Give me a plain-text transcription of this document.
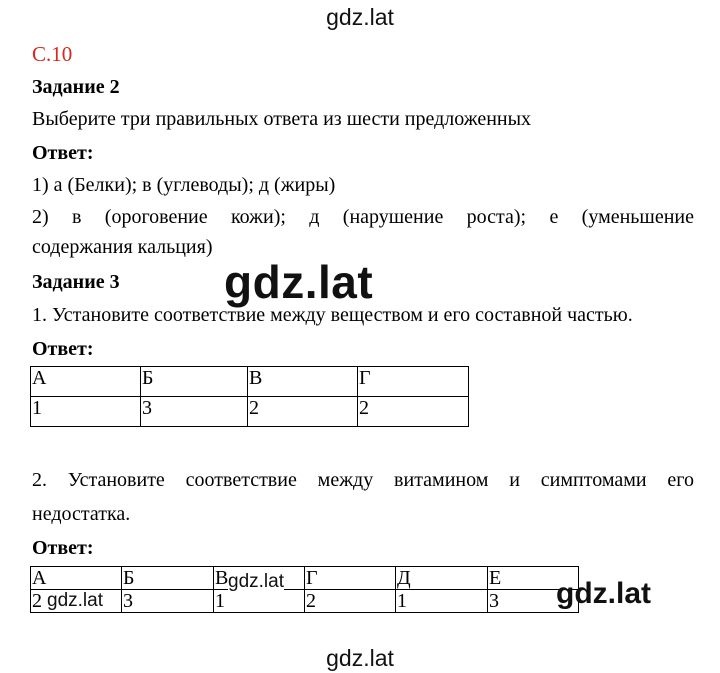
gdz.lat
С.10
Задание 2
Выберите три правильных ответа из шести предложенных
Ответ:
1) а (Белки); в (углеводы); д (жиры)
2) в (ороговение кожи); д (нарушение роста); е (уменьшение
содержания кальция)
Задание 3 gdz.lat
1. Установите соответствие между веществом и его составной частью.
Ответ:
А	Б	В	Г
1	3	2	2
2. Установите соответствие между витамином и симптомами его
недостатка.
Ответ:
А	Б	В	Г	Д	Е
2	3	1	2	1	3
gdz.lat
gdz.lat	gdz.lat
gdz.lat
